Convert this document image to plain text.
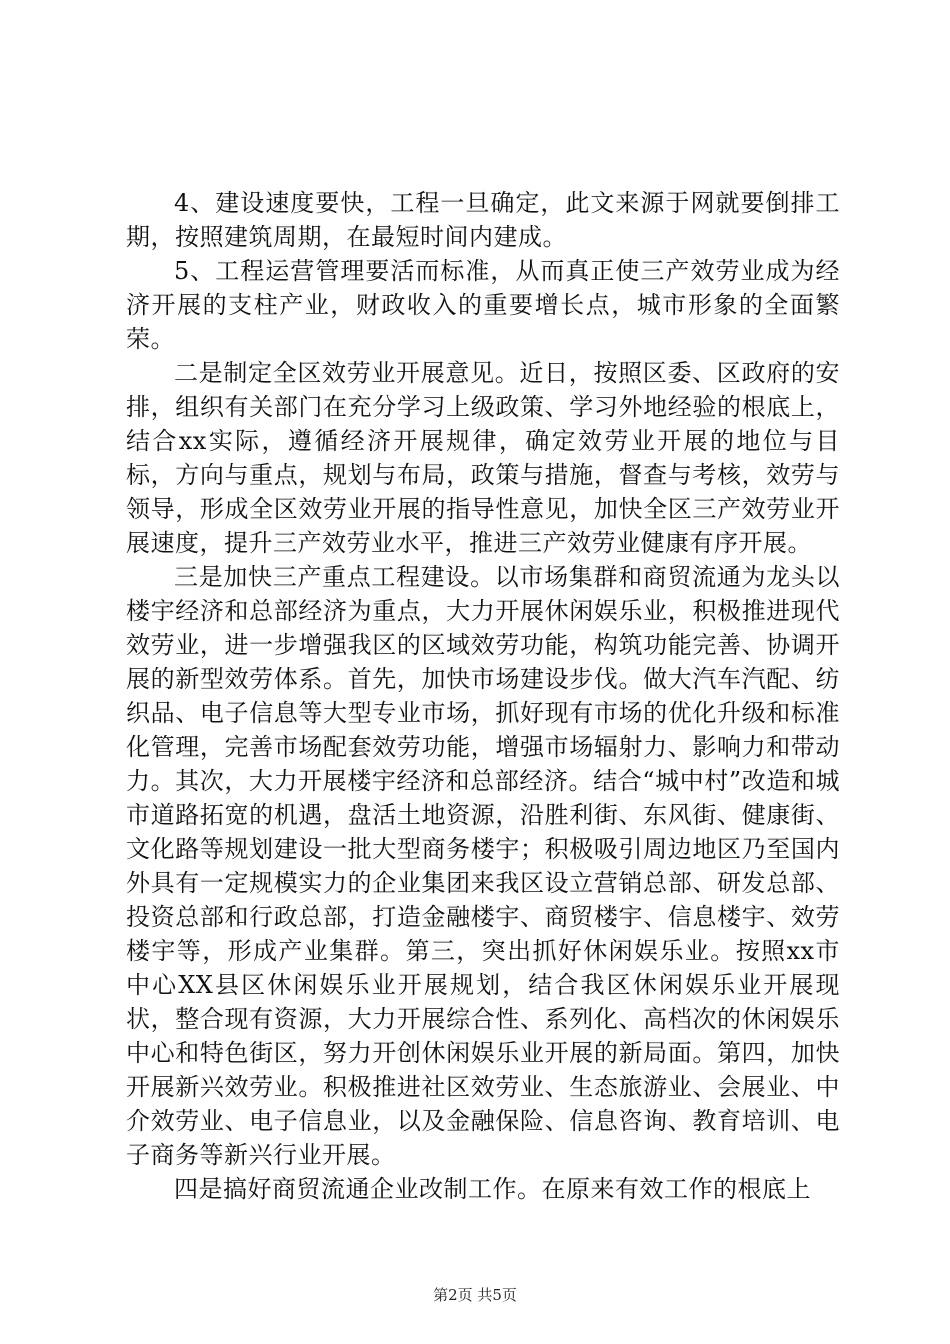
4、建设速度要快，工程一旦确定，此文来源于网就要倒排工期，按照建筑周期，在最短时间内建成。

5、工程运营管理要活而标准，从而真正使三产效劳业成为经济开展的支柱产业，财政收入的重要增长点，城市形象的全面繁荣。

二是制定全区效劳业开展意见。近日，按照区委、区政府的安排，组织有关部门在充分学习上级政策、学习外地经验的根底上，结合xx实际，遵循经济开展规律，确定效劳业开展的地位与目标，方向与重点，规划与布局，政策与措施，督查与考核，效劳与领导，形成全区效劳业开展的指导性意见，加快全区三产效劳业开展速度，提升三产效劳业水平，推进三产效劳业健康有序开展。

三是加快三产重点工程建设。以市场集群和商贸流通为龙头以楼宇经济和总部经济为重点，大力开展休闲娱乐业，积极推进现代效劳业，进一步增强我区的区域效劳功能，构筑功能完善、协调开展的新型效劳体系。首先，加快市场建设步伐。做大汽车汽配、纺织品、电子信息等大型专业市场，抓好现有市场的优化升级和标准化管理，完善市场配套效劳功能，增强市场辐射力、影响力和带动力。其次，大力开展楼宇经济和总部经济。结合“城中村”改造和城市道路拓宽的机遇，盘活土地资源，沿胜利街、东风街、健康街、文化路等规划建设一批大型商务楼宇；积极吸引周边地区乃至国内外具有一定规模实力的企业集团来我区设立营销总部、研发总部、投资总部和行政总部，打造金融楼宇、商贸楼宇、信息楼宇、效劳楼宇等，形成产业集群。第三，突出抓好休闲娱乐业。按照xx市中心XX县区休闲娱乐业开展规划，结合我区休闲娱乐业开展现状，整合现有资源，大力开展综合性、系列化、高档次的休闲娱乐中心和特色街区，努力开创休闲娱乐业开展的新局面。第四，加快开展新兴效劳业。积极推进社区效劳业、生态旅游业、会展业、中介效劳业、电子信息业，以及金融保险、信息咨询、教育培训、电子商务等新兴行业开展。

四是搞好商贸流通企业改制工作。在原来有效工作的根底上

第2页 共5页
